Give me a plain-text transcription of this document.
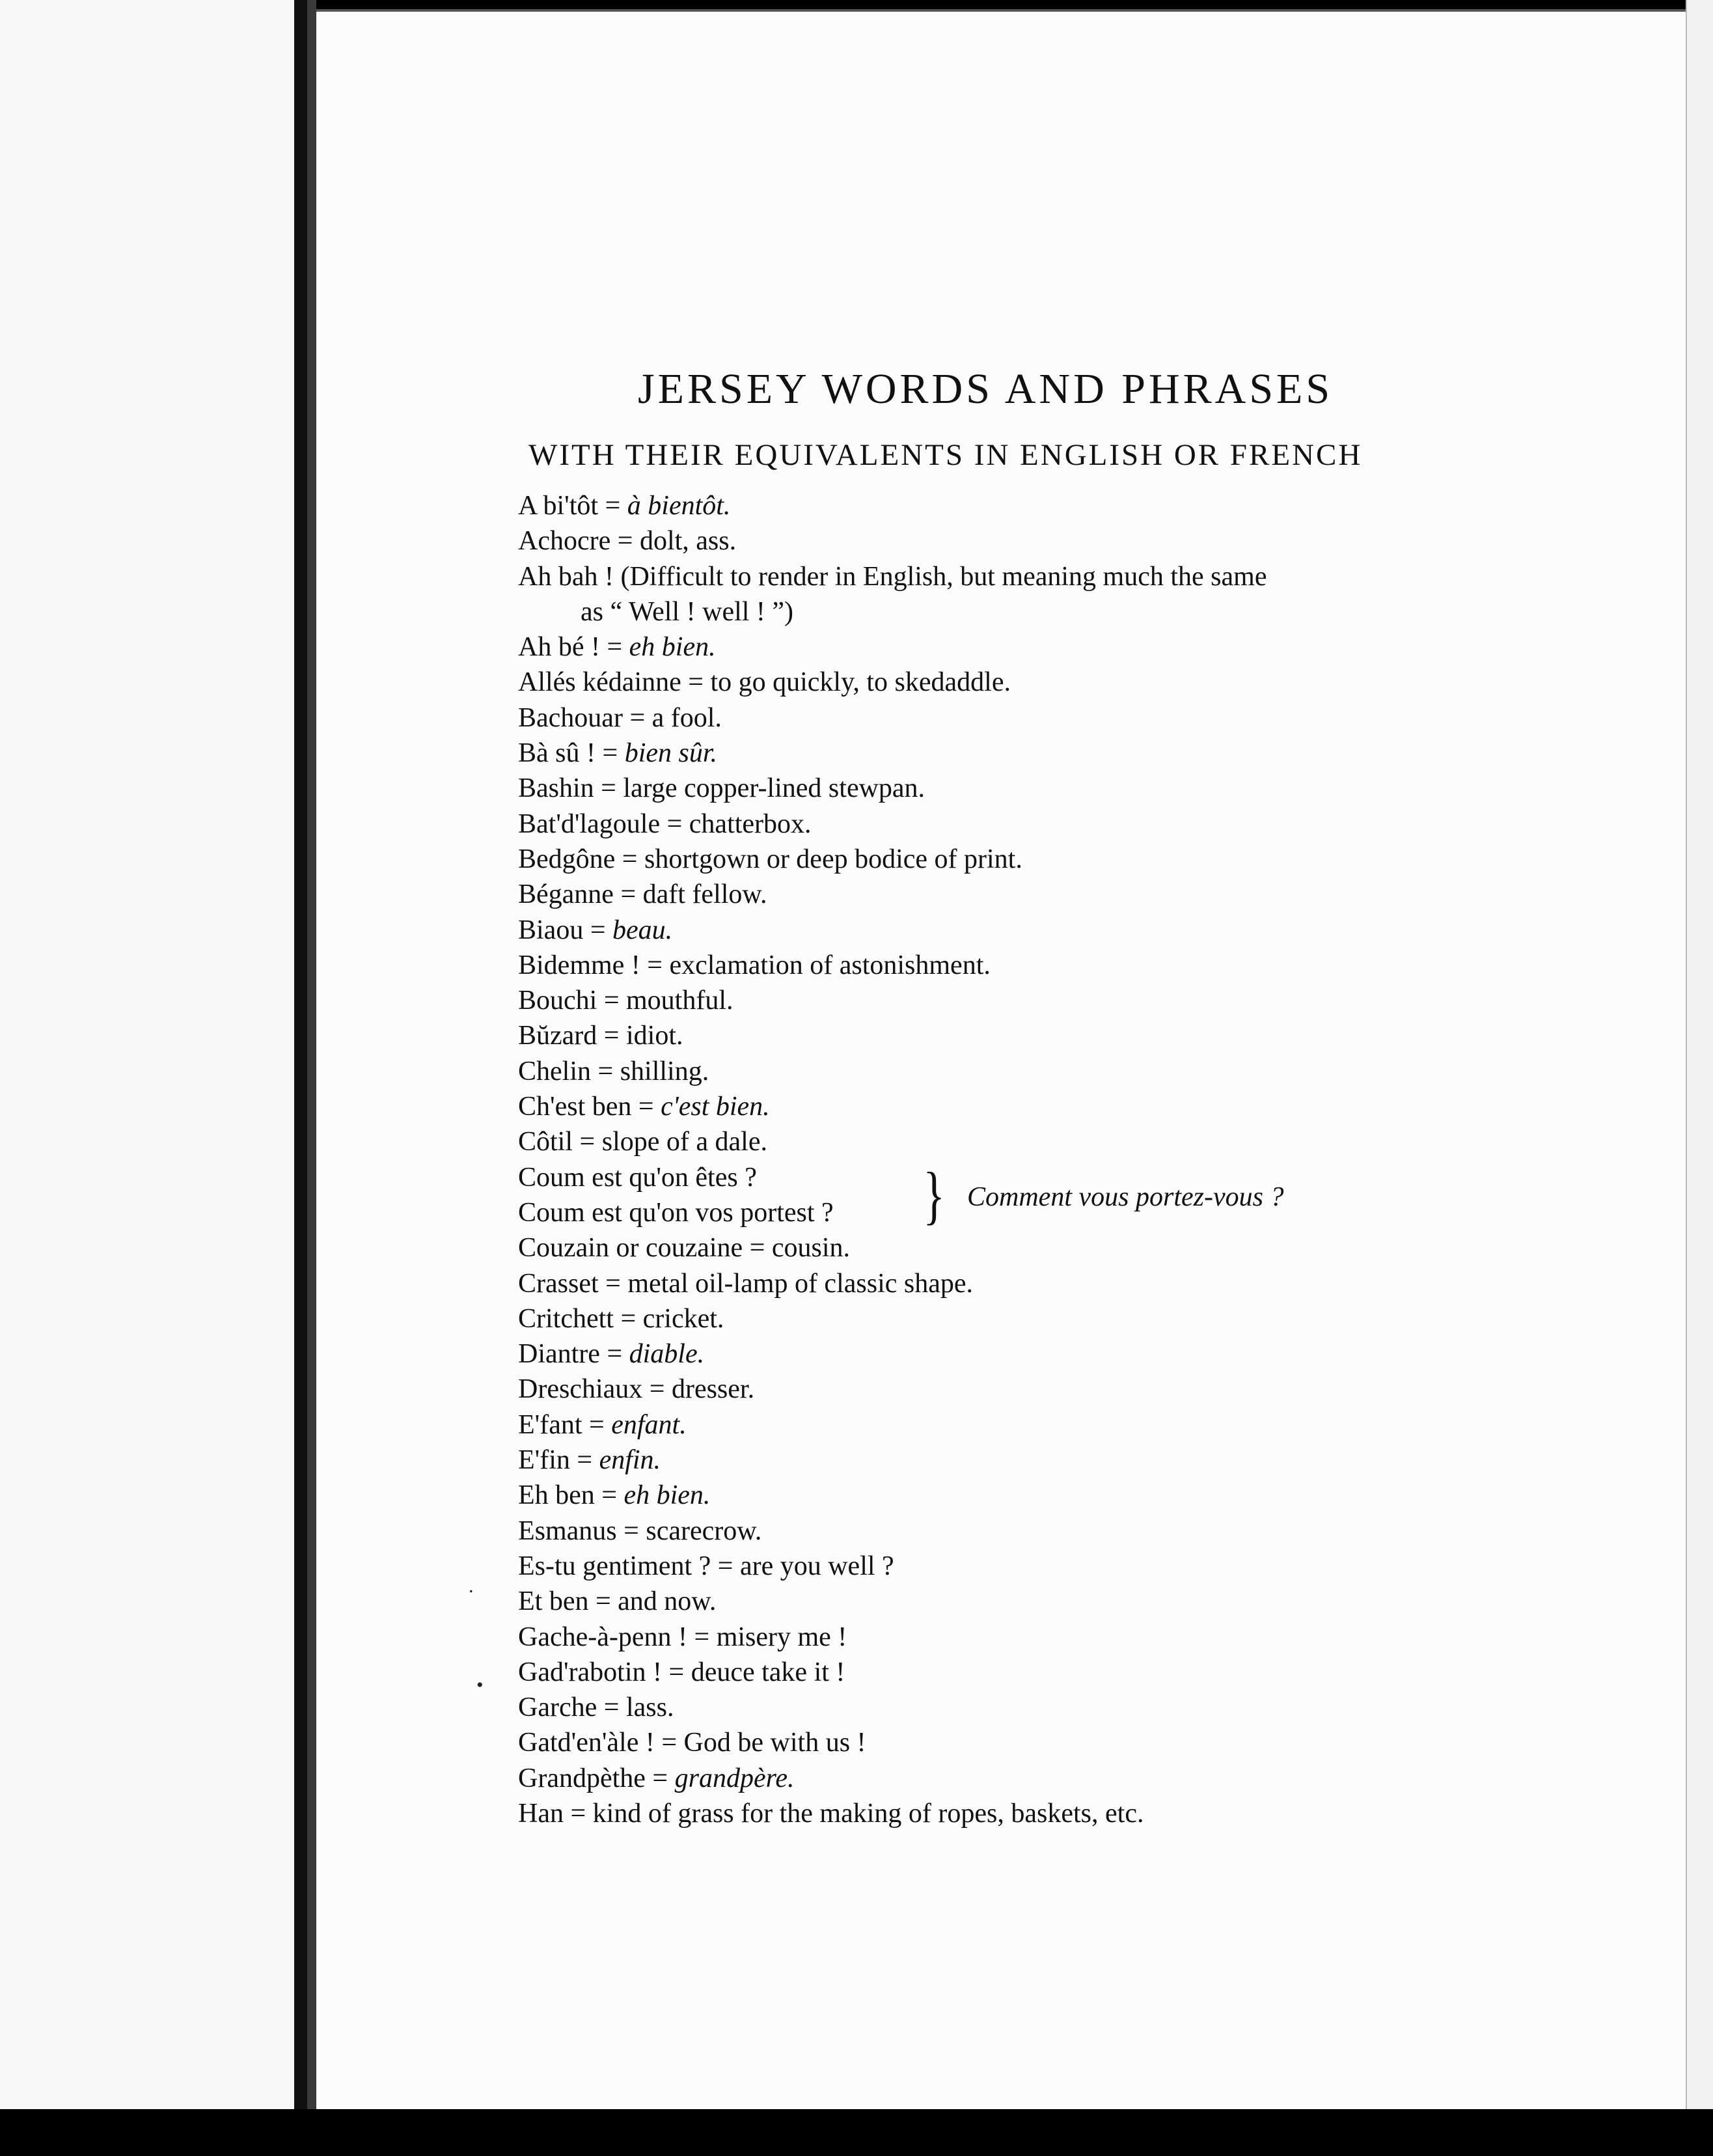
JERSEY WORDS AND PHRASES
WITH THEIR EQUIVALENTS IN ENGLISH OR FRENCH
A bi'tôt = à bientôt.
Achocre = dolt, ass.
Ah bah ! (Difficult to render in English, but meaning much the same
as “ Well ! well ! ”)
Ah bé ! = eh bien.
Allés kédainne = to go quickly, to skedaddle.
Bachouar = a fool.
Bà sû ! = bien sûr.
Bashin = large copper-lined stewpan.
Bat'd'lagoule = chatterbox.
Bedgône = shortgown or deep bodice of print.
Béganne = daft fellow.
Biaou = beau.
Bidemme ! = exclamation of astonishment.
Bouchi = mouthful.
Bŭzard = idiot.
Chelin = shilling.
Ch'est ben = c'est bien.
Côtil = slope of a dale.
Coum est qu'on êtes ?
Coum est qu'on vos portest ? } Comment vous portez-vous ?
Couzain or couzaine = cousin.
Crasset = metal oil-lamp of classic shape.
Critchett = cricket.
Diantre = diable.
Dreschiaux = dresser.
E'fant = enfant.
E'fin = enfin.
Eh ben = eh bien.
Esmanus = scarecrow.
Es-tu gentiment ? = are you well ?
Et ben = and now.
Gache-à-penn ! = misery me !
Gad'rabotin ! = deuce take it !
Garche = lass.
Gatd'en'àle ! = God be with us !
Grandpèthe = grandpère.
Han = kind of grass for the making of ropes, baskets, etc.
.
•
